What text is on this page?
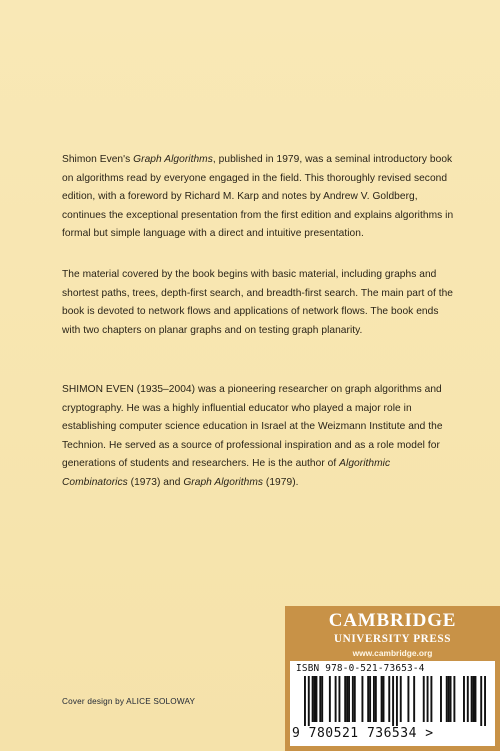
Shimon Even's Graph Algorithms, published in 1979, was a seminal introductory book on algorithms read by everyone engaged in the field. This thoroughly revised second edition, with a foreword by Richard M. Karp and notes by Andrew V. Goldberg, continues the exceptional presentation from the first edition and explains algorithms in formal but simple language with a direct and intuitive presentation.

The material covered by the book begins with basic material, including graphs and shortest paths, trees, depth-first search, and breadth-first search. The main part of the book is devoted to network flows and applications of network flows. The book ends with two chapters on planar graphs and on testing graph planarity.

SHIMON EVEN (1935–2004) was a pioneering researcher on graph algorithms and cryptography. He was a highly influential educator who played a major role in establishing computer science education in Israel at the Weizmann Institute and the Technion. He served as a source of professional inspiration and as a role model for generations of students and researchers. He is the author of Algorithmic Combinatorics (1973) and Graph Algorithms (1979).

Cover design by ALICE SOLOWAY

CAMBRIDGE

UNIVERSITY PRESS

www.cambridge.org
ISBN 978-0-521-73653-4
9 780521 736534 >
